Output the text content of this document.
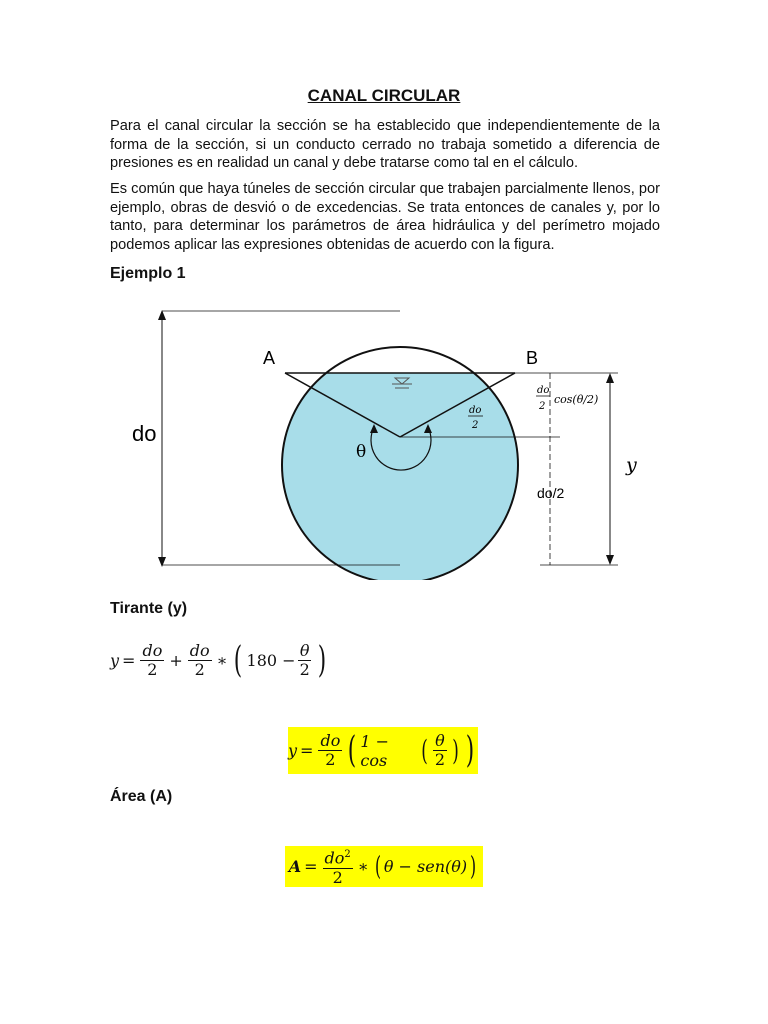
CANAL CIRCULAR

Para el canal circular la sección se ha establecido que independientemente de la forma de la sección, si un conducto cerrado no trabaja sometido a diferencia de presiones es en realidad un canal y debe tratarse como tal en el cálculo.

Es común que haya túneles de sección circular que trabajen parcialmente llenos, por ejemplo, obras de desvió o de excedencias. Se trata entonces de canales y, por lo tanto, para determinar los parámetros de área hidráulica y del perímetro mojado podemos aplicar las expresiones obtenidas de acuerdo con la figura.

Ejemplo 1
A	B
do
θ
do
2
do
2
cos(θ/2)
do/2
y
Tirante (y)
$y = \frac{do}{2} + \frac{do}{2}$ ∗ ( $180 - \frac{\theta}{2}$ )
$y = \frac{do}{2}$ ( 1 − cos	( $\frac{\theta}{2}$ ) )
Área (A)
$A = \frac{do^2}{2}$ ∗ ( θ − sen(θ) )
